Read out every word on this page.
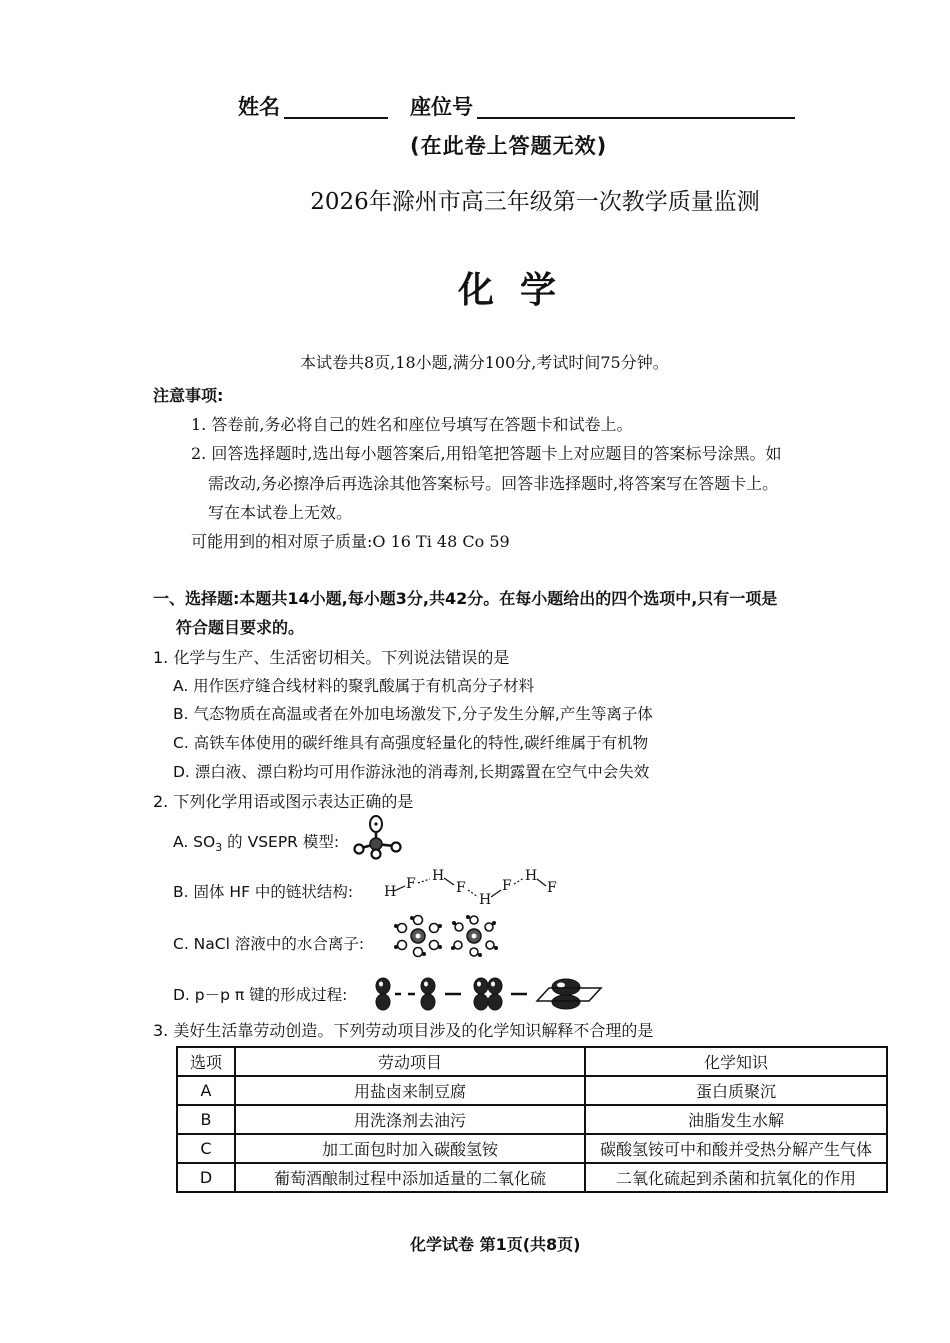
姓名	座位号
(在此卷上答题无效)
2026年滁州市高三年级第一次教学质量监测
化学
本试卷共8页,18小题,满分100分,考试时间75分钟。
注意事项:
1. 答卷前,务必将自己的姓名和座位号填写在答题卡和试卷上。
2. 回答选择题时,选出每小题答案后,用铅笔把答题卡上对应题目的答案标号涂黑。如
需改动,务必擦净后再选涂其他答案标号。回答非选择题时,将答案写在答题卡上。
写在本试卷上无效。
可能用到的相对原子质量:O 16 Ti 48 Co 59
一、选择题:本题共14小题,每小题3分,共42分。在每小题给出的四个选项中,只有一项是
符合题目要求的。
1. 化学与生产、生活密切相关。下列说法错误的是
A. 用作医疗缝合线材料的聚乳酸属于有机高分子材料
B. 气态物质在高温或者在外加电场激发下,分子发生分解,产生等离子体
C. 高铁车体使用的碳纤维具有高强度轻量化的特性,碳纤维属于有机物
D. 漂白液、漂白粉均可用作游泳池的消毒剂,长期露置在空气中会失效
2. 下列化学用语或图示表达正确的是
A. $SO_3$ 的 VSEPR 模型:
B. 固体 HF 中的链状结构: H F H
F
H
F
H
F
C. NaCl 溶液中的水合离子:
D. p－p π 键的形成过程:
3. 美好生活靠劳动创造。下列劳动项目涉及的化学知识解释不合理的是
选项	劳动项目	化学知识
A	用盐卤来制豆腐	蛋白质聚沉
B	用洗涤剂去油污	油脂发生水解
C	加工面包时加入碳酸氢铵	碳酸氢铵可中和酸并受热分解产生气体
D	葡萄酒酿制过程中添加适量的二氧化硫	二氧化硫起到杀菌和抗氧化的作用
化学试卷 第1页(共8页)
